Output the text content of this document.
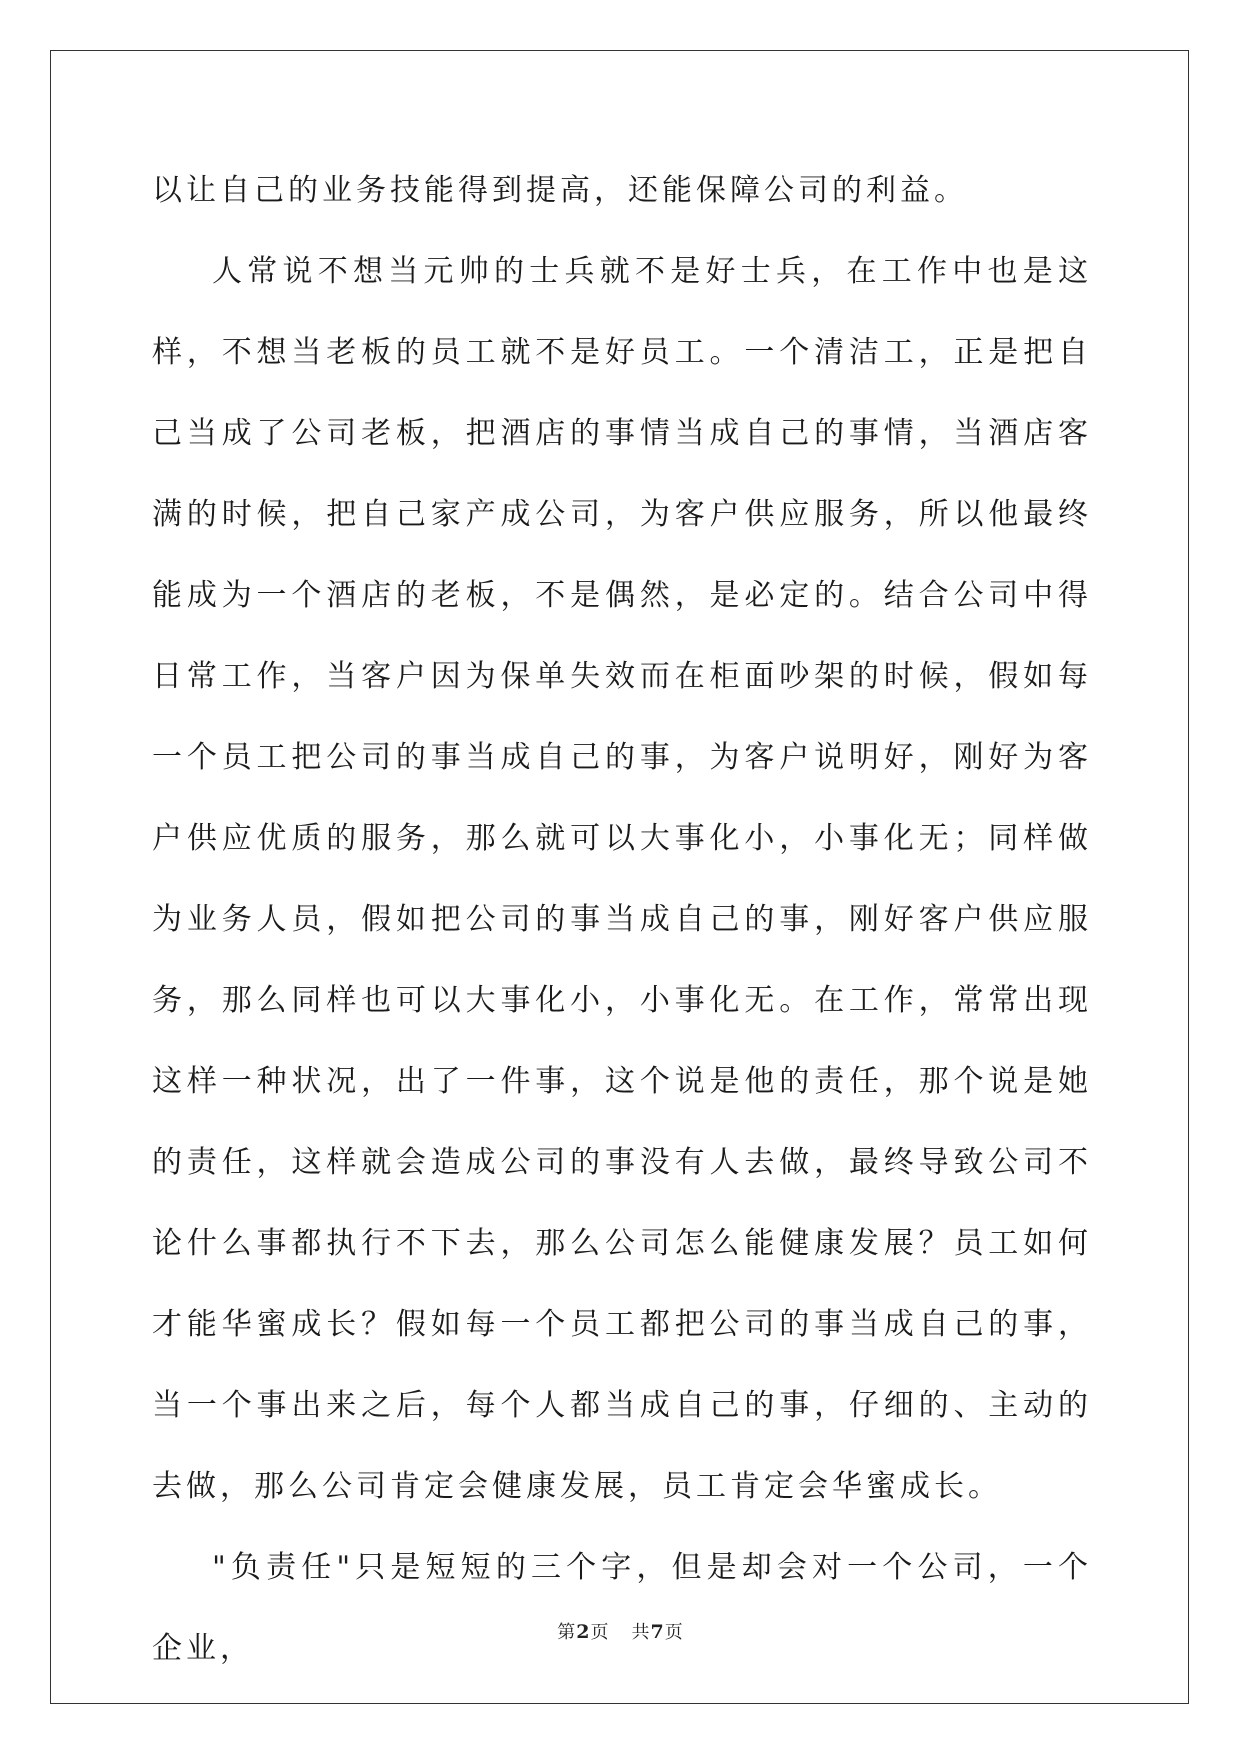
以让自己的业务技能得到提高，还能保障公司的利益。

人常说不想当元帅的士兵就不是好士兵，在工作中也是这样，不想当老板的员工就不是好员工。一个清洁工，正是把自己当成了公司老板，把酒店的事情当成自己的事情，当酒店客满的时候，把自己家产成公司，为客户供应服务，所以他最终能成为一个酒店的老板，不是偶然，是必定的。结合公司中得日常工作，当客户因为保单失效而在柜面吵架的时候，假如每一个员工把公司的事当成自己的事，为客户说明好，刚好为客户供应优质的服务，那么就可以大事化小，小事化无；同样做为业务人员，假如把公司的事当成自己的事，刚好客户供应服务，那么同样也可以大事化小，小事化无。在工作，常常出现这样一种状况，出了一件事，这个说是他的责任，那个说是她的责任，这样就会造成公司的事没有人去做，最终导致公司不论什么事都执行不下去，那么公司怎么能健康发展？员工如何才能华蜜成长？假如每一个员工都把公司的事当成自己的事，当一个事出来之后，每个人都当成自己的事，仔细的、主动的去做，那么公司肯定会健康发展，员工肯定会华蜜成长。

"负责任"只是短短的三个字，但是却会对一个公司，一个企业，	第2页 共7页
